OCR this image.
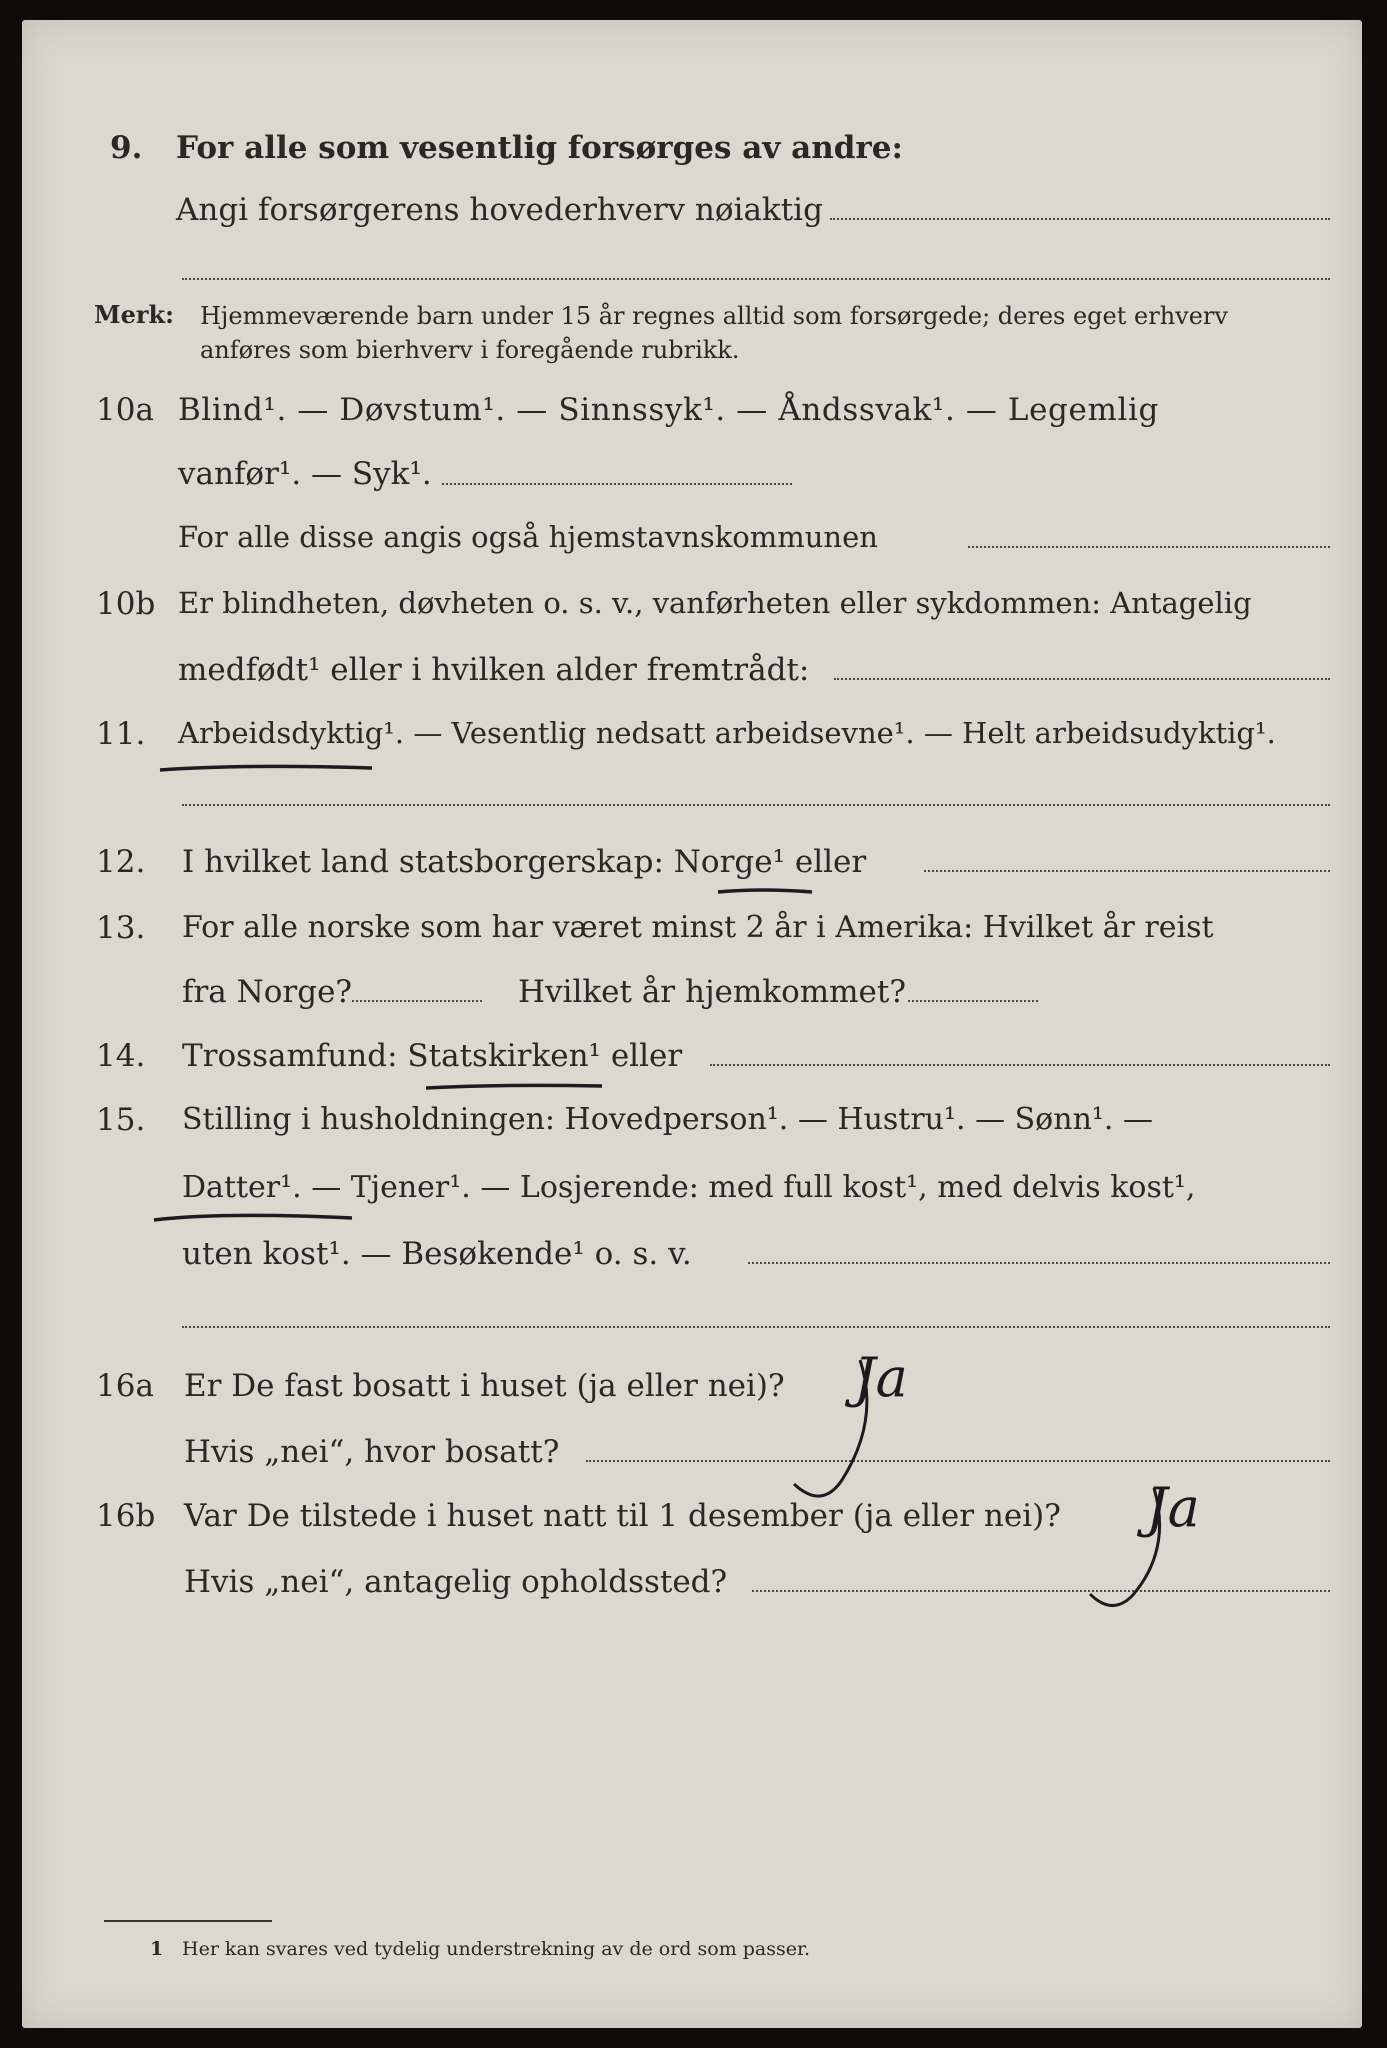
9. For alle som vesentlig forsørges av andre:
Angi forsørgerens hovederhverv nøiaktig
Merk: Hjemmeværende barn under 15 år regnes alltid som forsørgede; deres eget erhverv
anføres som bierhverv i foregående rubrikk.
10a Blind¹. — Døvstum¹. — Sinnssyk¹. — Åndssvak¹. — Legemlig
vanfør¹. — Syk¹.
For alle disse angis også hjemstavnskommunen
10b Er blindheten, døvheten o. s. v., vanførheten eller sykdommen: Antagelig
medfødt¹ eller i hvilken alder fremtrådt:
11. Arbeidsdyktig¹. — Vesentlig nedsatt arbeidsevne¹. — Helt arbeidsudyktig¹.
12. I hvilket land statsborgerskap: Norge¹ eller
13. For alle norske som har været minst 2 år i Amerika: Hvilket år reist
fra Norge?	Hvilket år hjemkommet?
14. Trossamfund: Statskirken¹ eller
15. Stilling i husholdningen: Hovedperson¹. — Hustru¹. — Sønn¹. —
Datter¹. — Tjener¹. — Losjerende: med full kost¹, med delvis kost¹,
uten kost¹. — Besøkende¹ o. s. v.
16a Er De fast bosatt i huset (ja eller nei)?
Hvis „nei“, hvor bosatt?
Ja
16b Var De tilstede i huset natt til 1 desember (ja eller nei)?
Hvis „nei“, antagelig opholdssted?
Ja
1 Her kan svares ved tydelig understrekning av de ord som passer.
